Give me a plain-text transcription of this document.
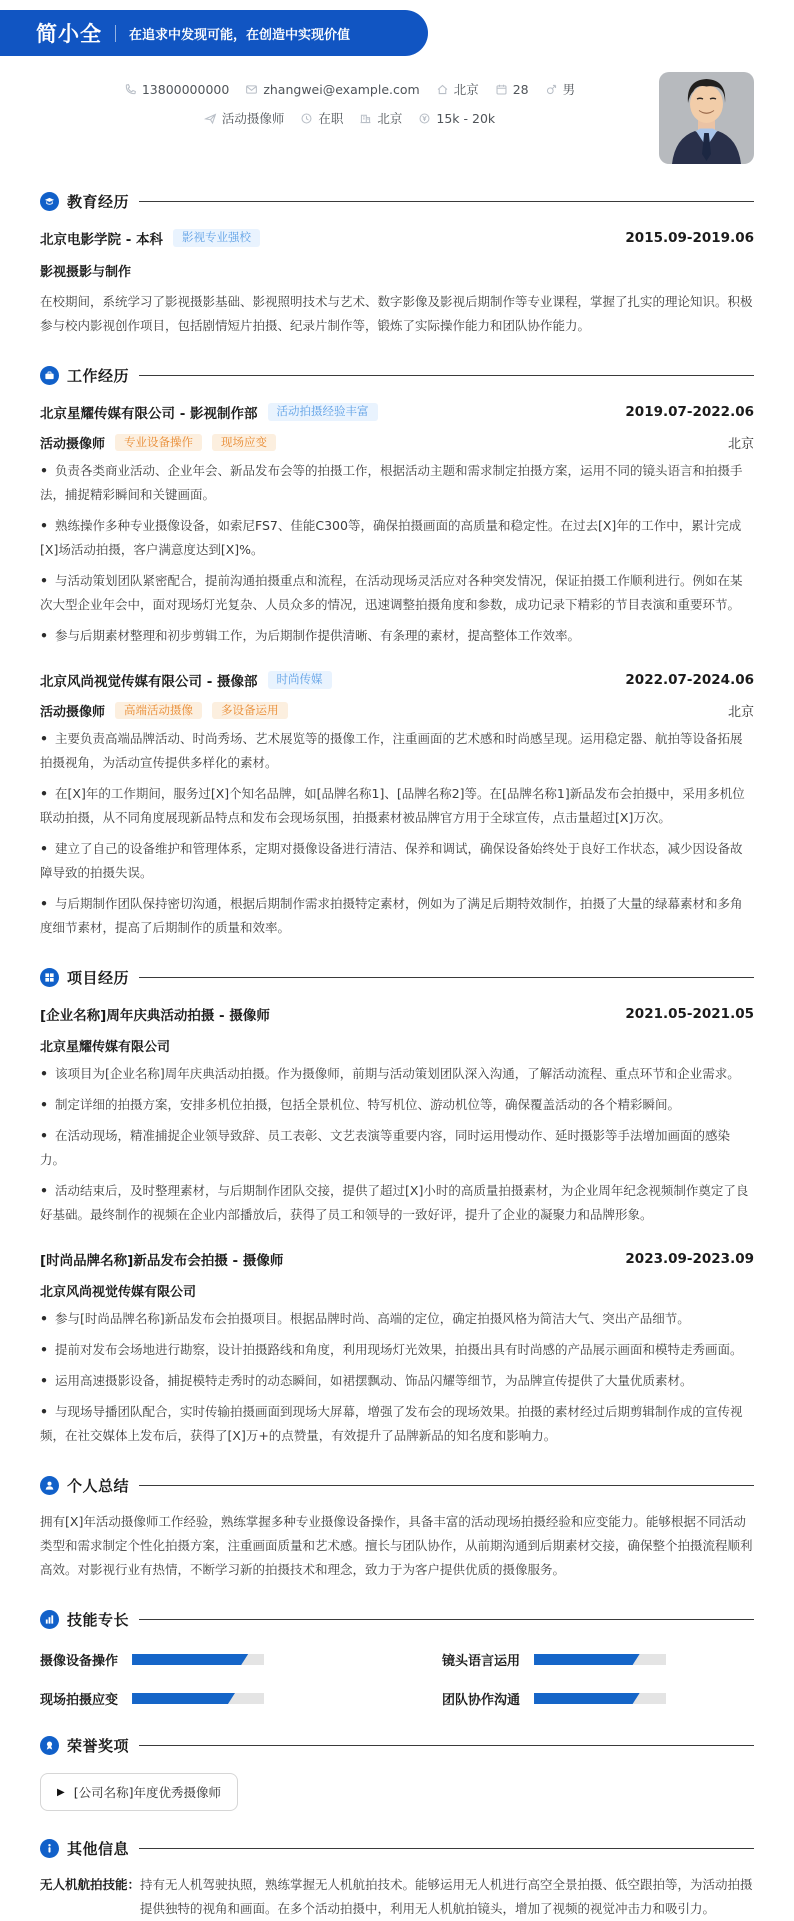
简小全 在追求中发现可能，在创造中实现价值
13800000000	zhangwei@example.com	北京	28	男
活动摄像师	在职	北京	15k - 20k
教育经历
北京电影学院 - 本科	影视专业强校	2015.09-2019.06
影视摄影与制作

在校期间，系统学习了影视摄影基础、影视照明技术与艺术、数字影像及影视后期制作等专业课程，掌握了扎实的理论知识。积极参与校内影视创作项目，包括剧情短片拍摄、纪录片制作等，锻炼了实际操作能力和团队协作能力。

工作经历
北京星耀传媒有限公司 - 影视制作部	活动拍摄经验丰富	2019.07-2022.06
活动摄像师	专业设备操作	现场应变	北京

• 负责各类商业活动、企业年会、新品发布会等的拍摄工作，根据活动主题和需求制定拍摄方案，运用不同的镜头语言和拍摄手法，捕捉精彩瞬间和关键画面。

• 熟练操作多种专业摄像设备，如索尼FS7、佳能C300等，确保拍摄画面的高质量和稳定性。在过去[X]年的工作中，累计完成[X]场活动拍摄，客户满意度达到[X]%。

• 与活动策划团队紧密配合，提前沟通拍摄重点和流程，在活动现场灵活应对各种突发情况，保证拍摄工作顺利进行。例如在某次大型企业年会中，面对现场灯光复杂、人员众多的情况，迅速调整拍摄角度和参数，成功记录下精彩的节目表演和重要环节。

• 参与后期素材整理和初步剪辑工作，为后期制作提供清晰、有条理的素材，提高整体工作效率。

北京风尚视觉传媒有限公司 - 摄像部	时尚传媒	2022.07-2024.06
活动摄像师	高端活动摄像	多设备运用	北京

• 主要负责高端品牌活动、时尚秀场、艺术展览等的摄像工作，注重画面的艺术感和时尚感呈现。运用稳定器、航拍等设备拓展拍摄视角，为活动宣传提供多样化的素材。

• 在[X]年的工作期间，服务过[X]个知名品牌，如[品牌名称1]、[品牌名称2]等。在[品牌名称1]新品发布会拍摄中，采用多机位联动拍摄，从不同角度展现新品特点和发布会现场氛围，拍摄素材被品牌官方用于全球宣传，点击量超过[X]万次。

• 建立了自己的设备维护和管理体系，定期对摄像设备进行清洁、保养和调试，确保设备始终处于良好工作状态，减少因设备故障导致的拍摄失误。

• 与后期制作团队保持密切沟通，根据后期制作需求拍摄特定素材，例如为了满足后期特效制作，拍摄了大量的绿幕素材和多角度细节素材，提高了后期制作的质量和效率。

项目经历
[企业名称]周年庆典活动拍摄 - 摄像师	2021.05-2021.05
北京星耀传媒有限公司

• 该项目为[企业名称]周年庆典活动拍摄。作为摄像师，前期与活动策划团队深入沟通，了解活动流程、重点环节和企业需求。

• 制定详细的拍摄方案，安排多机位拍摄，包括全景机位、特写机位、游动机位等，确保覆盖活动的各个精彩瞬间。

• 在活动现场，精准捕捉企业领导致辞、员工表彰、文艺表演等重要内容，同时运用慢动作、延时摄影等手法增加画面的感染力。

• 活动结束后，及时整理素材，与后期制作团队交接，提供了超过[X]小时的高质量拍摄素材，为企业周年纪念视频制作奠定了良好基础。最终制作的视频在企业内部播放后，获得了员工和领导的一致好评，提升了企业的凝聚力和品牌形象。

[时尚品牌名称]新品发布会拍摄 - 摄像师	2023.09-2023.09
北京风尚视觉传媒有限公司

• 参与[时尚品牌名称]新品发布会拍摄项目。根据品牌时尚、高端的定位，确定拍摄风格为简洁大气、突出产品细节。

• 提前对发布会场地进行勘察，设计拍摄路线和角度，利用现场灯光效果，拍摄出具有时尚感的产品展示画面和模特走秀画面。

• 运用高速摄影设备，捕捉模特走秀时的动态瞬间，如裙摆飘动、饰品闪耀等细节，为品牌宣传提供了大量优质素材。

• 与现场导播团队配合，实时传输拍摄画面到现场大屏幕，增强了发布会的现场效果。拍摄的素材经过后期剪辑制作成的宣传视频，在社交媒体上发布后，获得了[X]万+的点赞量，有效提升了品牌新品的知名度和影响力。

个人总结

拥有[X]年活动摄像师工作经验，熟练掌握多种专业摄像设备操作，具备丰富的活动现场拍摄经验和应变能力。能够根据不同活动类型和需求制定个性化拍摄方案，注重画面质量和艺术感。擅长与团队协作，从前期沟通到后期素材交接，确保整个拍摄流程顺利高效。对影视行业有热情，不断学习新的拍摄技术和理念，致力于为客户提供优质的摄像服务。

技能专长
摄像设备操作	镜头语言运用
现场拍摄应变	团队协作沟通
荣誉奖项
▶ [公司名称]年度优秀摄像师
其他信息
无人机航拍技能： 持有无人机驾驶执照，熟练掌握无人机航拍技术。能够运用无人机进行高空全景拍摄、低空跟拍等，为活动拍摄提供独特的视角和画面。在多个活动拍摄中，利用无人机航拍镜头，增加了视频的视觉冲击力和吸引力。
